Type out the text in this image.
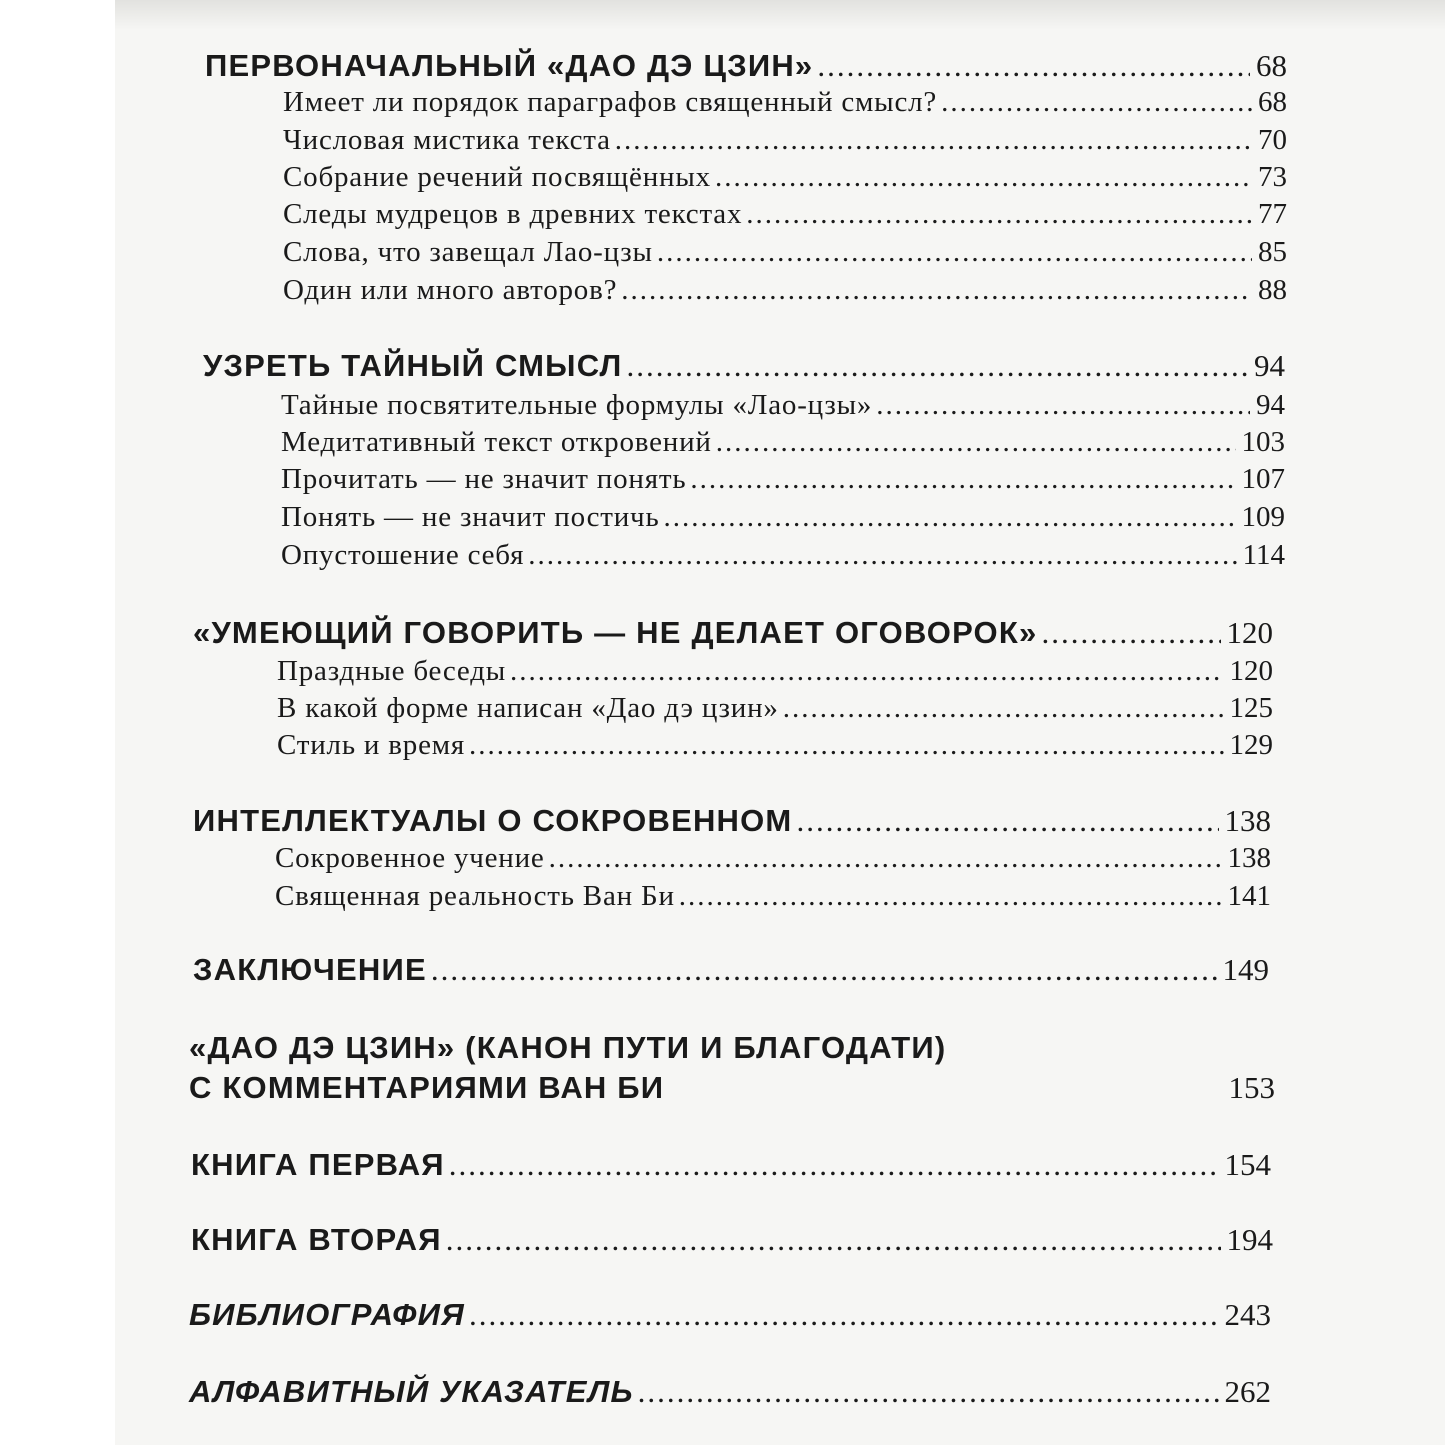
ПЕРВОНАЧАЛЬНЫЙ «ДАО ДЭ ЦЗИН» .....	68
Имеет ли порядок параграфов священный смысл? .....	68
Числовая мистика текста .....	70
Собрание речений посвящённых .....	73
Следы мудрецов в древних текстах .....	77
Слова, что завещал Лао-цзы .....	85
Один или много авторов? .....	88
УЗРЕТЬ ТАЙНЫЙ СМЫСЛ .....	94
Тайные посвятительные формулы «Лао-цзы» .....	94
Медитативный текст откровений .....	103
Прочитать — не значит понять .....	107
Понять — не значит постичь .....	109
Опустошение себя .....	114
«УМЕЮЩИЙ ГОВОРИТЬ — НЕ ДЕЛАЕТ ОГОВОРОК» .....	120
Праздные беседы .....	120
В какой форме написан «Дао дэ цзин» .....	125
Стиль и время .....	129
ИНТЕЛЛЕКТУАЛЫ О СОКРОВЕННОМ .....	138
Сокровенное учение .....	138
Священная реальность Ван Би .....	141
ЗАКЛЮЧЕНИЕ .....	149
«ДАО ДЭ ЦЗИН» (КАНОН ПУТИ И БЛАГОДАТИ)
С КОММЕНТАРИЯМИ ВАН БИ	153
КНИГА ПЕРВАЯ .....	154
КНИГА ВТОРАЯ .....	194
БИБЛИОГРАФИЯ .....	243
АЛФАВИТНЫЙ УКАЗАТЕЛЬ .....	262
